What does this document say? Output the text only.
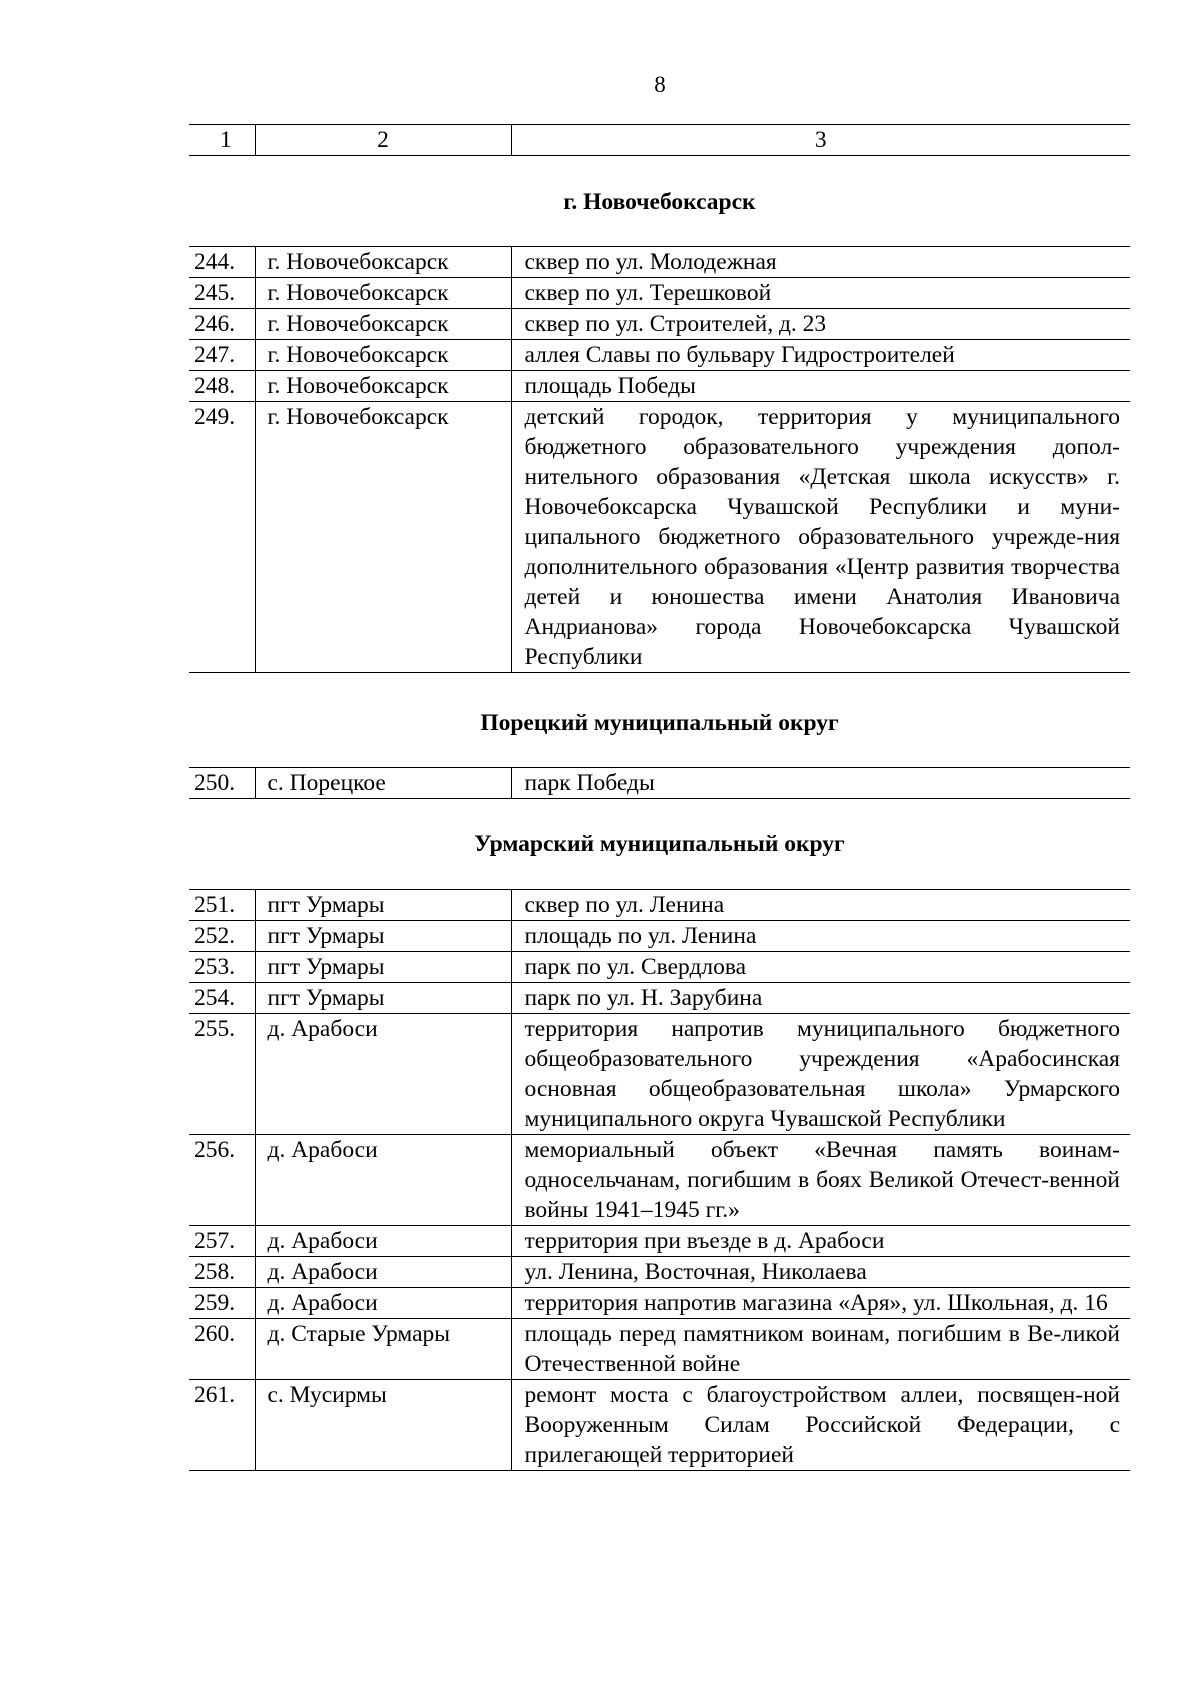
8
1	2	3
г. Новочебоксарск
244.	г. Новочебоксарск	сквер по ул. Молодежная
245.	г. Новочебоксарск	сквер по ул. Терешковой
246.	г. Новочебоксарск	сквер по ул. Строителей, д. 23
247.	г. Новочебоксарск	аллея Славы по бульвару Гидростроителей
248.	г. Новочебоксарск	площадь Победы
249.	г. Новочебоксарск	детский городок, территория у муниципального бюджетного образовательного учреждения допол-нительного образования «Детская школа искусств» г. Новочебоксарска Чувашской Республики и муни-ципального бюджетного образовательного учрежде-ния дополнительного образования «Центр развития творчества детей и юношества имени Анатолия Ивановича Андрианова» города Новочебоксарска Чувашской Республики
Порецкий муниципальный округ
250.	с. Порецкое	парк Победы
Урмарский муниципальный округ
251.	пгт Урмары	сквер по ул. Ленина
252.	пгт Урмары	площадь по ул. Ленина
253.	пгт Урмары	парк по ул. Свердлова
254.	пгт Урмары	парк по ул. Н. Зарубина
255.	д. Арабоси	территория напротив муниципального бюджетного общеобразовательного учреждения «Арабосинская основная общеобразовательная школа» Урмарского муниципального округа Чувашской Республики
256.	д. Арабоси	мемориальный объект «Вечная память воинам-односельчанам, погибшим в боях Великой Отечест-венной войны 1941–1945 гг.»
257.	д. Арабоси	территория при въезде в д. Арабоси
258.	д. Арабоси	ул. Ленина, Восточная, Николаева
259.	д. Арабоси	территория напротив магазина «Аря», ул. Школьная, д. 16
260.	д. Старые Урмары	площадь перед памятником воинам, погибшим в Ве-ликой Отечественной войне
261.	с. Мусирмы	ремонт моста с благоустройством аллеи, посвящен-ной Вооруженным Силам Российской Федерации, с прилегающей территорией
